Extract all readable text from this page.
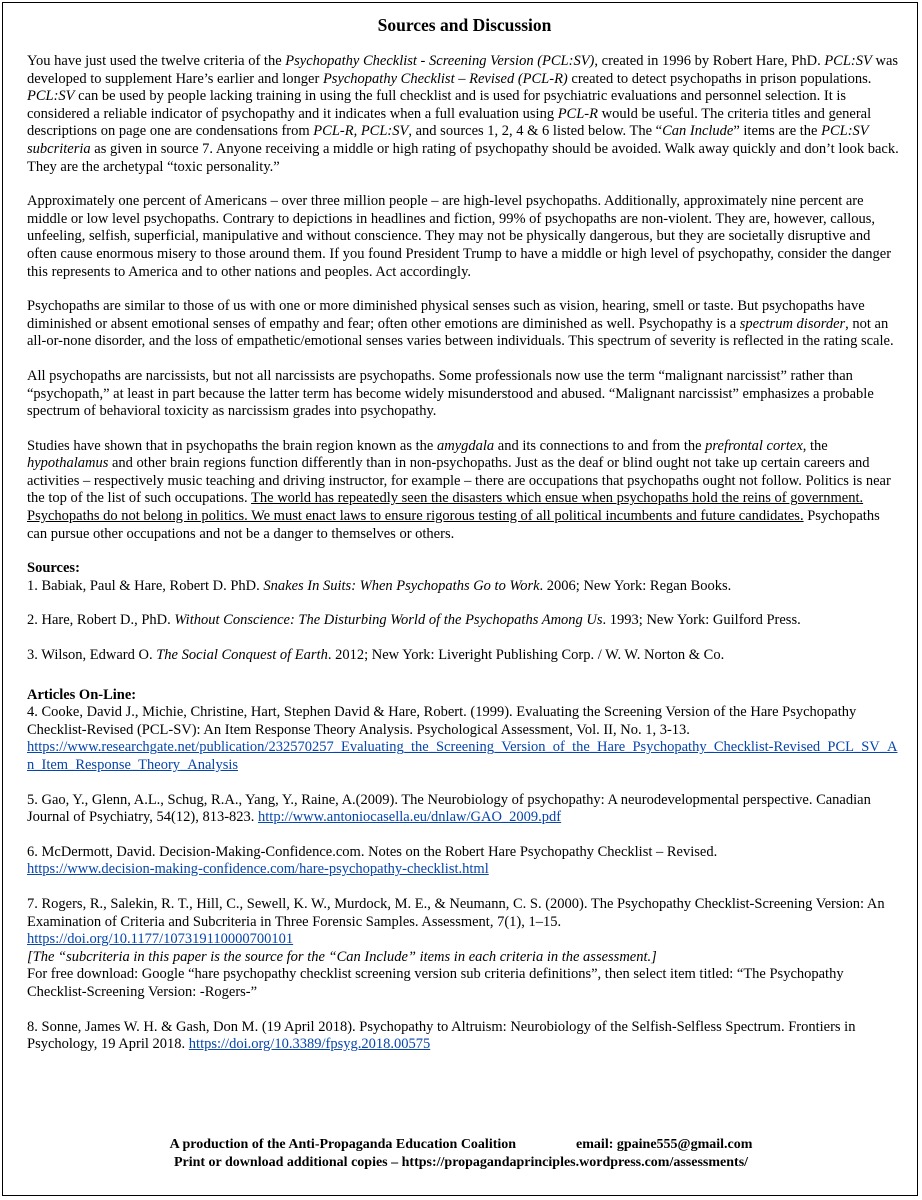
Sources and Discussion

You have just used the twelve criteria of the Psychopathy Checklist - Screening Version (PCL:SV), created in 1996 by Robert Hare, PhD. PCL:SV was developed to supplement Hare’s earlier and longer Psychopathy Checklist – Revised (PCL-R) created to detect psychopaths in prison populations. PCL:SV can be used by people lacking training in using the full checklist and is used for psychiatric evaluations and personnel selection. It is considered a reliable indicator of psychopathy and it indicates when a full evaluation using PCL-R would be useful. The criteria titles and general descriptions on page one are condensations from PCL-R, PCL:SV, and sources 1, 2, 4 & 6 listed below. The “Can Include” items are the PCL:SV subcriteria as given in source 7. Anyone receiving a middle or high rating of psychopathy should be avoided. Walk away quickly and don’t look back. They are the archetypal “toxic personality.”

Approximately one percent of Americans – over three million people – are high-level psychopaths. Additionally, approximately nine percent are middle or low level psychopaths. Contrary to depictions in headlines and fiction, 99% of psychopaths are non-violent. They are, however, callous, unfeeling, selfish, superficial, manipulative and without conscience. They may not be physically dangerous, but they are societally disruptive and often cause enormous misery to those around them. If you found President Trump to have a middle or high level of psychopathy, consider the danger this represents to America and to other nations and peoples. Act accordingly.

Psychopaths are similar to those of us with one or more diminished physical senses such as vision, hearing, smell or taste. But psychopaths have diminished or absent emotional senses of empathy and fear; often other emotions are diminished as well. Psychopathy is a spectrum disorder, not an all-or-none disorder, and the loss of empathetic/emotional senses varies between individuals. This spectrum of severity is reflected in the rating scale.

All psychopaths are narcissists, but not all narcissists are psychopaths. Some professionals now use the term “malignant narcissist” rather than “psychopath,” at least in part because the latter term has become widely misunderstood and abused. “Malignant narcissist” emphasizes a probable spectrum of behavioral toxicity as narcissism grades into psychopathy.

Studies have shown that in psychopaths the brain region known as the amygdala and its connections to and from the prefrontal cortex, the hypothalamus and other brain regions function differently than in non-psychopaths. Just as the deaf or blind ought not take up certain careers and activities – respectively music teaching and driving instructor, for example – there are occupations that psychopaths ought not follow. Politics is near the top of the list of such occupations. The world has repeatedly seen the disasters which ensue when psychopaths hold the reins of government. Psychopaths do not belong in politics. We must enact laws to ensure rigorous testing of all political incumbents and future candidates. Psychopaths can pursue other occupations and not be a danger to themselves or others.

Sources:

1. Babiak, Paul & Hare, Robert D. PhD. Snakes In Suits: When Psychopaths Go to Work. 2006; New York: Regan Books.

2. Hare, Robert D., PhD. Without Conscience: The Disturbing World of the Psychopaths Among Us. 1993; New York: Guilford Press.

3. Wilson, Edward O. The Social Conquest of Earth. 2012; New York: Liveright Publishing Corp. / W. W. Norton & Co.

Articles On-Line:
4. Cooke, David J., Michie, Christine, Hart, Stephen David & Hare, Robert. (1999). Evaluating the Screening Version of the Hare Psychopathy Checklist-Revised (PCL-SV): An Item Response Theory Analysis. Psychological Assessment, Vol. II, No. 1, 3-13.
https://www.researchgate.net/publication/232570257_Evaluating_the_Screening_Version_of_the_Hare_Psychopathy_Checklist-Revised_PCL_SV_An_Item_Response_Theory_Analysis
5. Gao, Y., Glenn, A.L., Schug, R.A., Yang, Y., Raine, A.(2009). The Neurobiology of psychopathy: A neurodevelopmental perspective. Canadian Journal of Psychiatry, 54(12), 813-823. http://www.antoniocasella.eu/dnlaw/GAO_2009.pdf
6. McDermott, David. Decision-Making-Confidence.com. Notes on the Robert Hare Psychopathy Checklist – Revised.
https://www.decision-making-confidence.com/hare-psychopathy-checklist.html
7. Rogers, R., Salekin, R. T., Hill, C., Sewell, K. W., Murdock, M. E., & Neumann, C. S. (2000). The Psychopathy Checklist-Screening Version: An Examination of Criteria and Subcriteria in Three Forensic Samples. Assessment, 7(1), 1–15.
https://doi.org/10.1177/107319110000700101
[The “subcriteria in this paper is the source for the “Can Include” items in each criteria in the assessment.]
For free download: Google “hare psychopathy checklist screening version sub criteria definitions”, then select item titled: “The Psychopathy Checklist-Screening Version: -Rogers-”
8. Sonne, James W. H. & Gash, Don M. (19 April 2018). Psychopathy to Altruism: Neurobiology of the Selfish-Selfless Spectrum. Frontiers in Psychology, 19 April 2018. https://doi.org/10.3389/fpsyg.2018.00575
A production of the Anti-Propaganda Education Coalition	email: gpaine555@gmail.com
Print or download additional copies – https://propagandaprinciples.wordpress.com/assessments/
